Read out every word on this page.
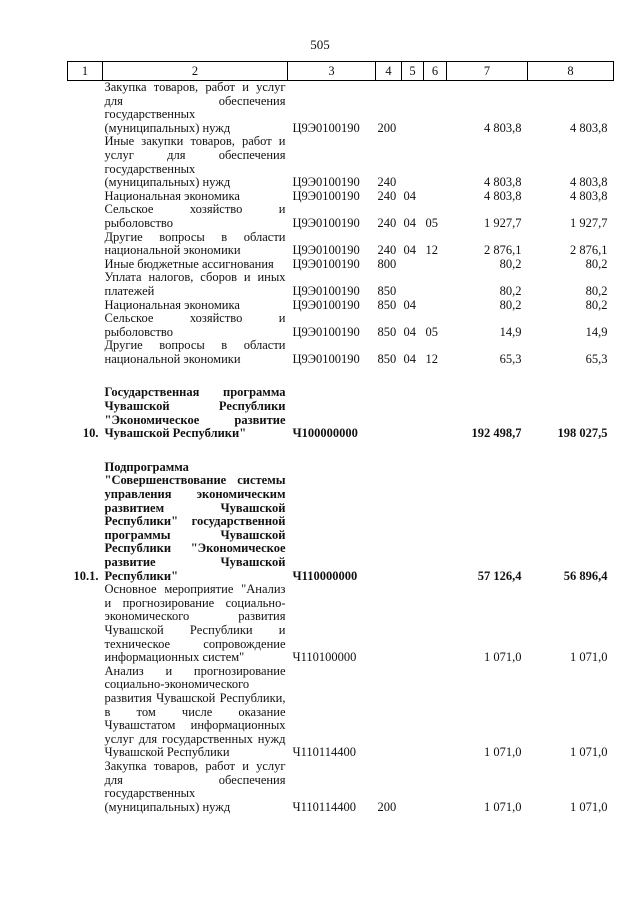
505
1	2	3	4	5	6	7	8
	Закупка товаров, работ и услуг для обеспечения государственных (муниципальных) нужд	Ц9Э0100190	200			4 803,8	4 803,8
	Иные закупки товаров, работ и услуг для обеспечения государственных (муниципальных) нужд	Ц9Э0100190	240			4 803,8	4 803,8
	Национальная экономика	Ц9Э0100190	240	04		4 803,8	4 803,8
	Сельское хозяйство и рыболовство	Ц9Э0100190	240	04	05	1 927,7	1 927,7
	Другие вопросы в области национальной экономики	Ц9Э0100190	240	04	12	2 876,1	2 876,1
	Иные бюджетные ассигнования	Ц9Э0100190	800			80,2	80,2
	Уплата налогов, сборов и иных платежей	Ц9Э0100190	850			80,2	80,2
	Национальная экономика	Ц9Э0100190	850	04		80,2	80,2
	Сельское хозяйство и рыболовство	Ц9Э0100190	850	04	05	14,9	14,9
	Другие вопросы в области национальной экономики	Ц9Э0100190	850	04	12	65,3	65,3

10.	Государственная программа Чувашской Республики "Экономическое развитие Чувашской Республики"	Ч100000000				192 498,7	198 027,5

10.1.	Подпрограмма "Совершенствование системы управления экономическим развитием Чувашской Республики" государственной программы Чувашской Республики "Экономическое развитие Чувашской Республики"	Ч110000000				57 126,4	56 896,4
	Основное мероприятие "Анализ и прогнозирование социально-экономического развития Чувашской Республики и техническое сопровождение информационных систем"	Ч110100000				1 071,0	1 071,0
	Анализ и прогнозирование социально-экономического развития Чувашской Республики, в том числе оказание Чувашстатом информационных услуг для государственных нужд Чувашской Республики	Ч110114400				1 071,0	1 071,0
	Закупка товаров, работ и услуг для обеспечения государственных (муниципальных) нужд	Ч110114400	200			1 071,0	1 071,0
